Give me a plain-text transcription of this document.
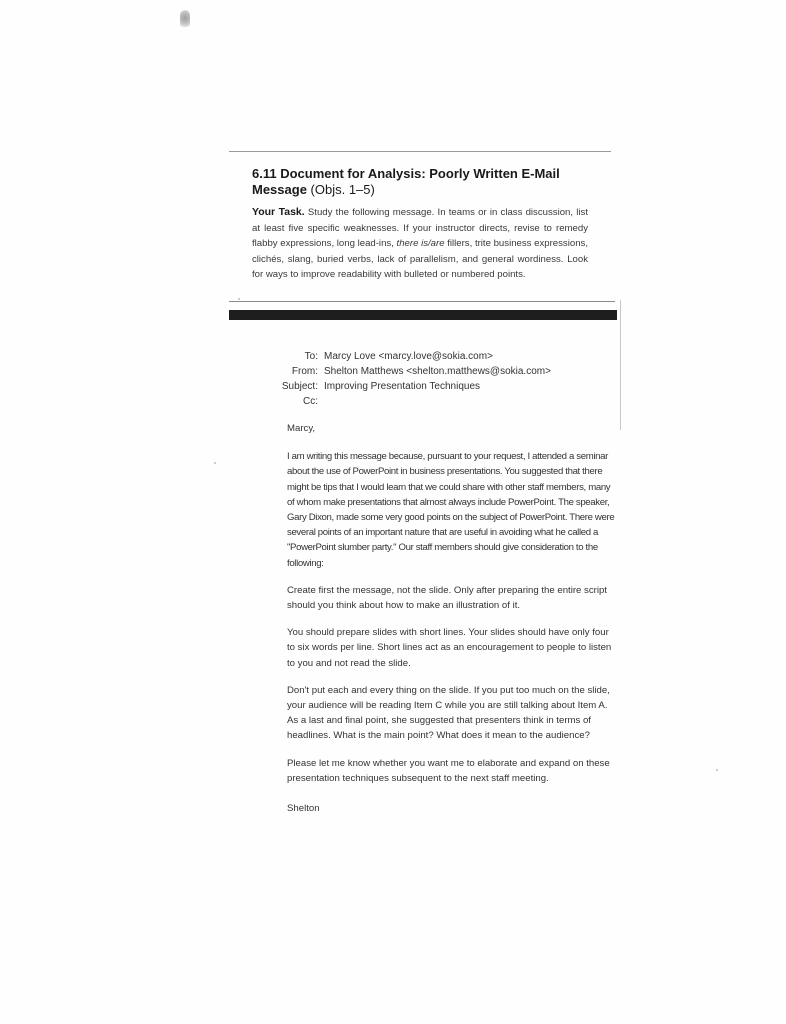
6.11 Document for Analysis: Poorly Written E-Mail
Message (Objs. 1–5)
Your Task. Study the following message. In teams or in class discussion, list at least five specific weaknesses. If your instructor directs, revise to remedy flabby expressions, long lead-ins, there is/are fillers, trite business expressions, clichés, slang, buried verbs, lack of parallelism, and general wordiness. Look for ways to improve readability with bulleted or numbered points.
To: Marcy Love <marcy.love@sokia.com>
From: Shelton Matthews <shelton.matthews@sokia.com>
Subject: Improving Presentation Techniques
Cc:

Marcy,

I am writing this message because, pursuant to your request, I attended a seminar about the use of PowerPoint in business presentations. You suggested that there might be tips that I would learn that we could share with other staff members, many of whom make presentations that almost always include PowerPoint. The speaker, Gary Dixon, made some very good points on the subject of PowerPoint. There were several points of an important nature that are useful in avoiding what he called a "PowerPoint slumber party." Our staff members should give consideration to the following:

Create first the message, not the slide. Only after preparing the entire script should you think about how to make an illustration of it.

You should prepare slides with short lines. Your slides should have only four to six words per line. Short lines act as an encouragement to people to listen to you and not read the slide.

Don't put each and every thing on the slide. If you put too much on the slide, your audience will be reading Item C while you are still talking about Item A. As a last and final point, she suggested that presenters think in terms of headlines. What is the main point? What does it mean to the audience?

Please let me know whether you want me to elaborate and expand on these presentation techniques subsequent to the next staff meeting.

Shelton
